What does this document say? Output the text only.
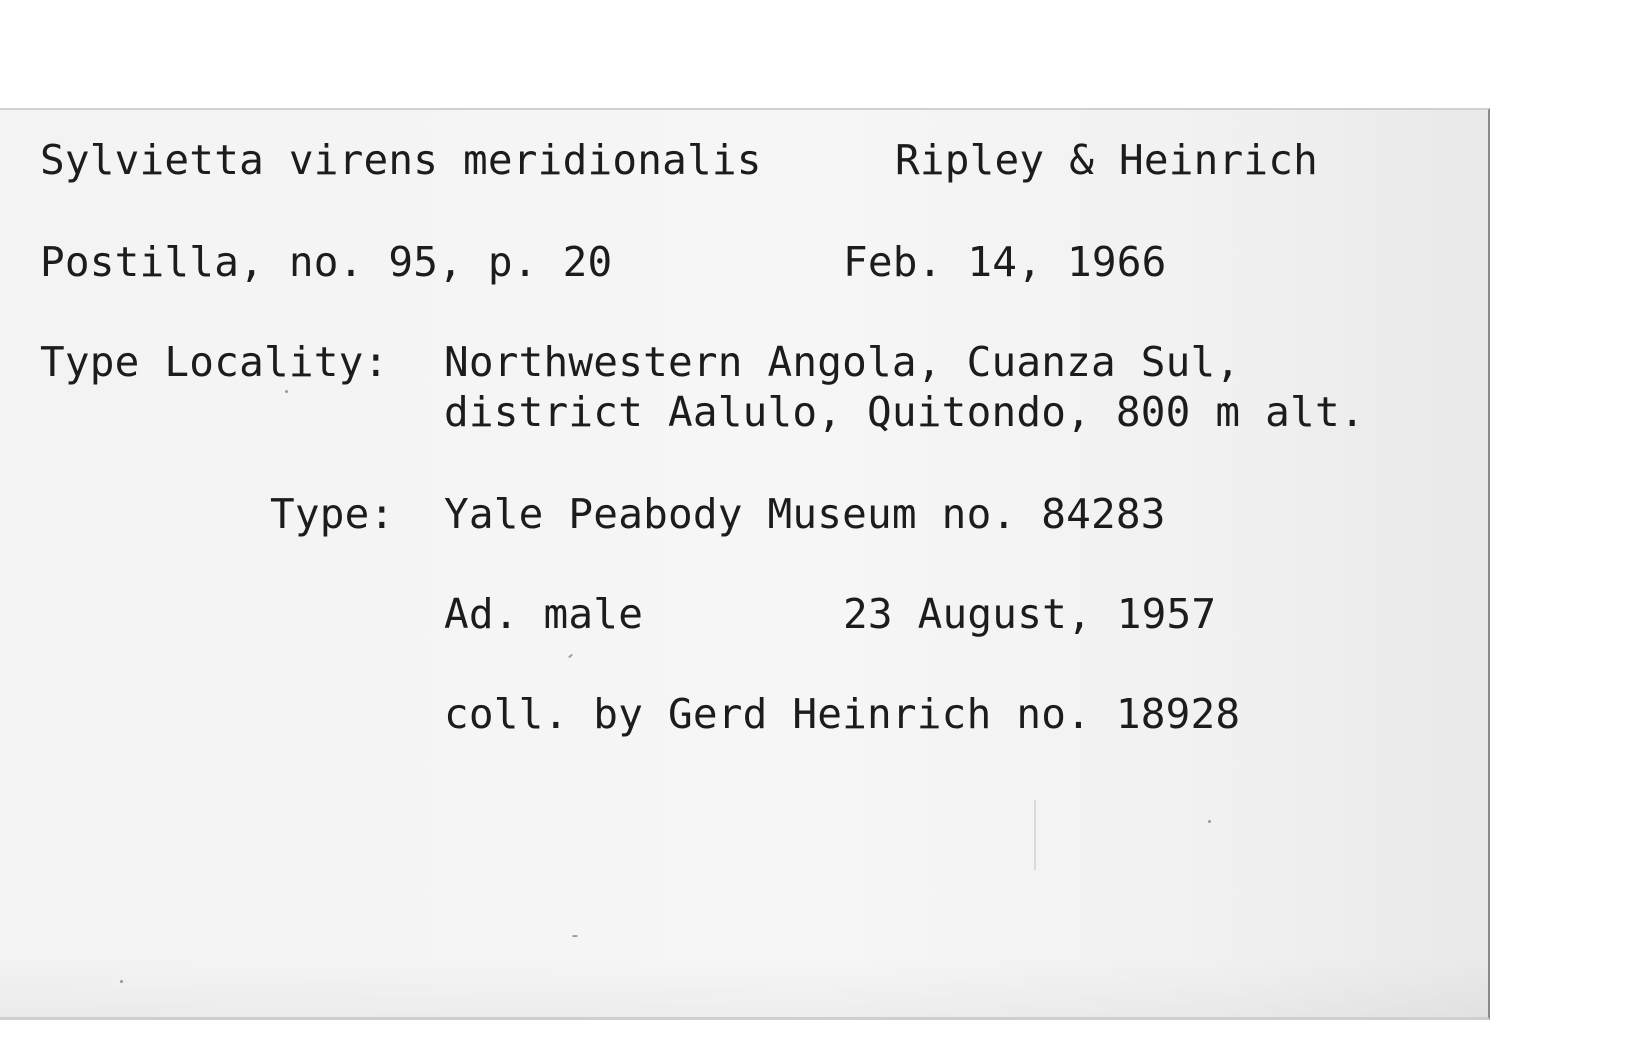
Sylvietta virens meridionalis	Ripley & Heinrich
Postilla, no. 95, p. 20	Feb. 14, 1966
Type Locality: Northwestern Angola, Cuanza Sul,
district Aalulo, Quitondo, 800 m alt.
Type: Yale Peabody Museum no. 84283
Ad. male	23 August, 1957
coll. by Gerd Heinrich no. 18928
